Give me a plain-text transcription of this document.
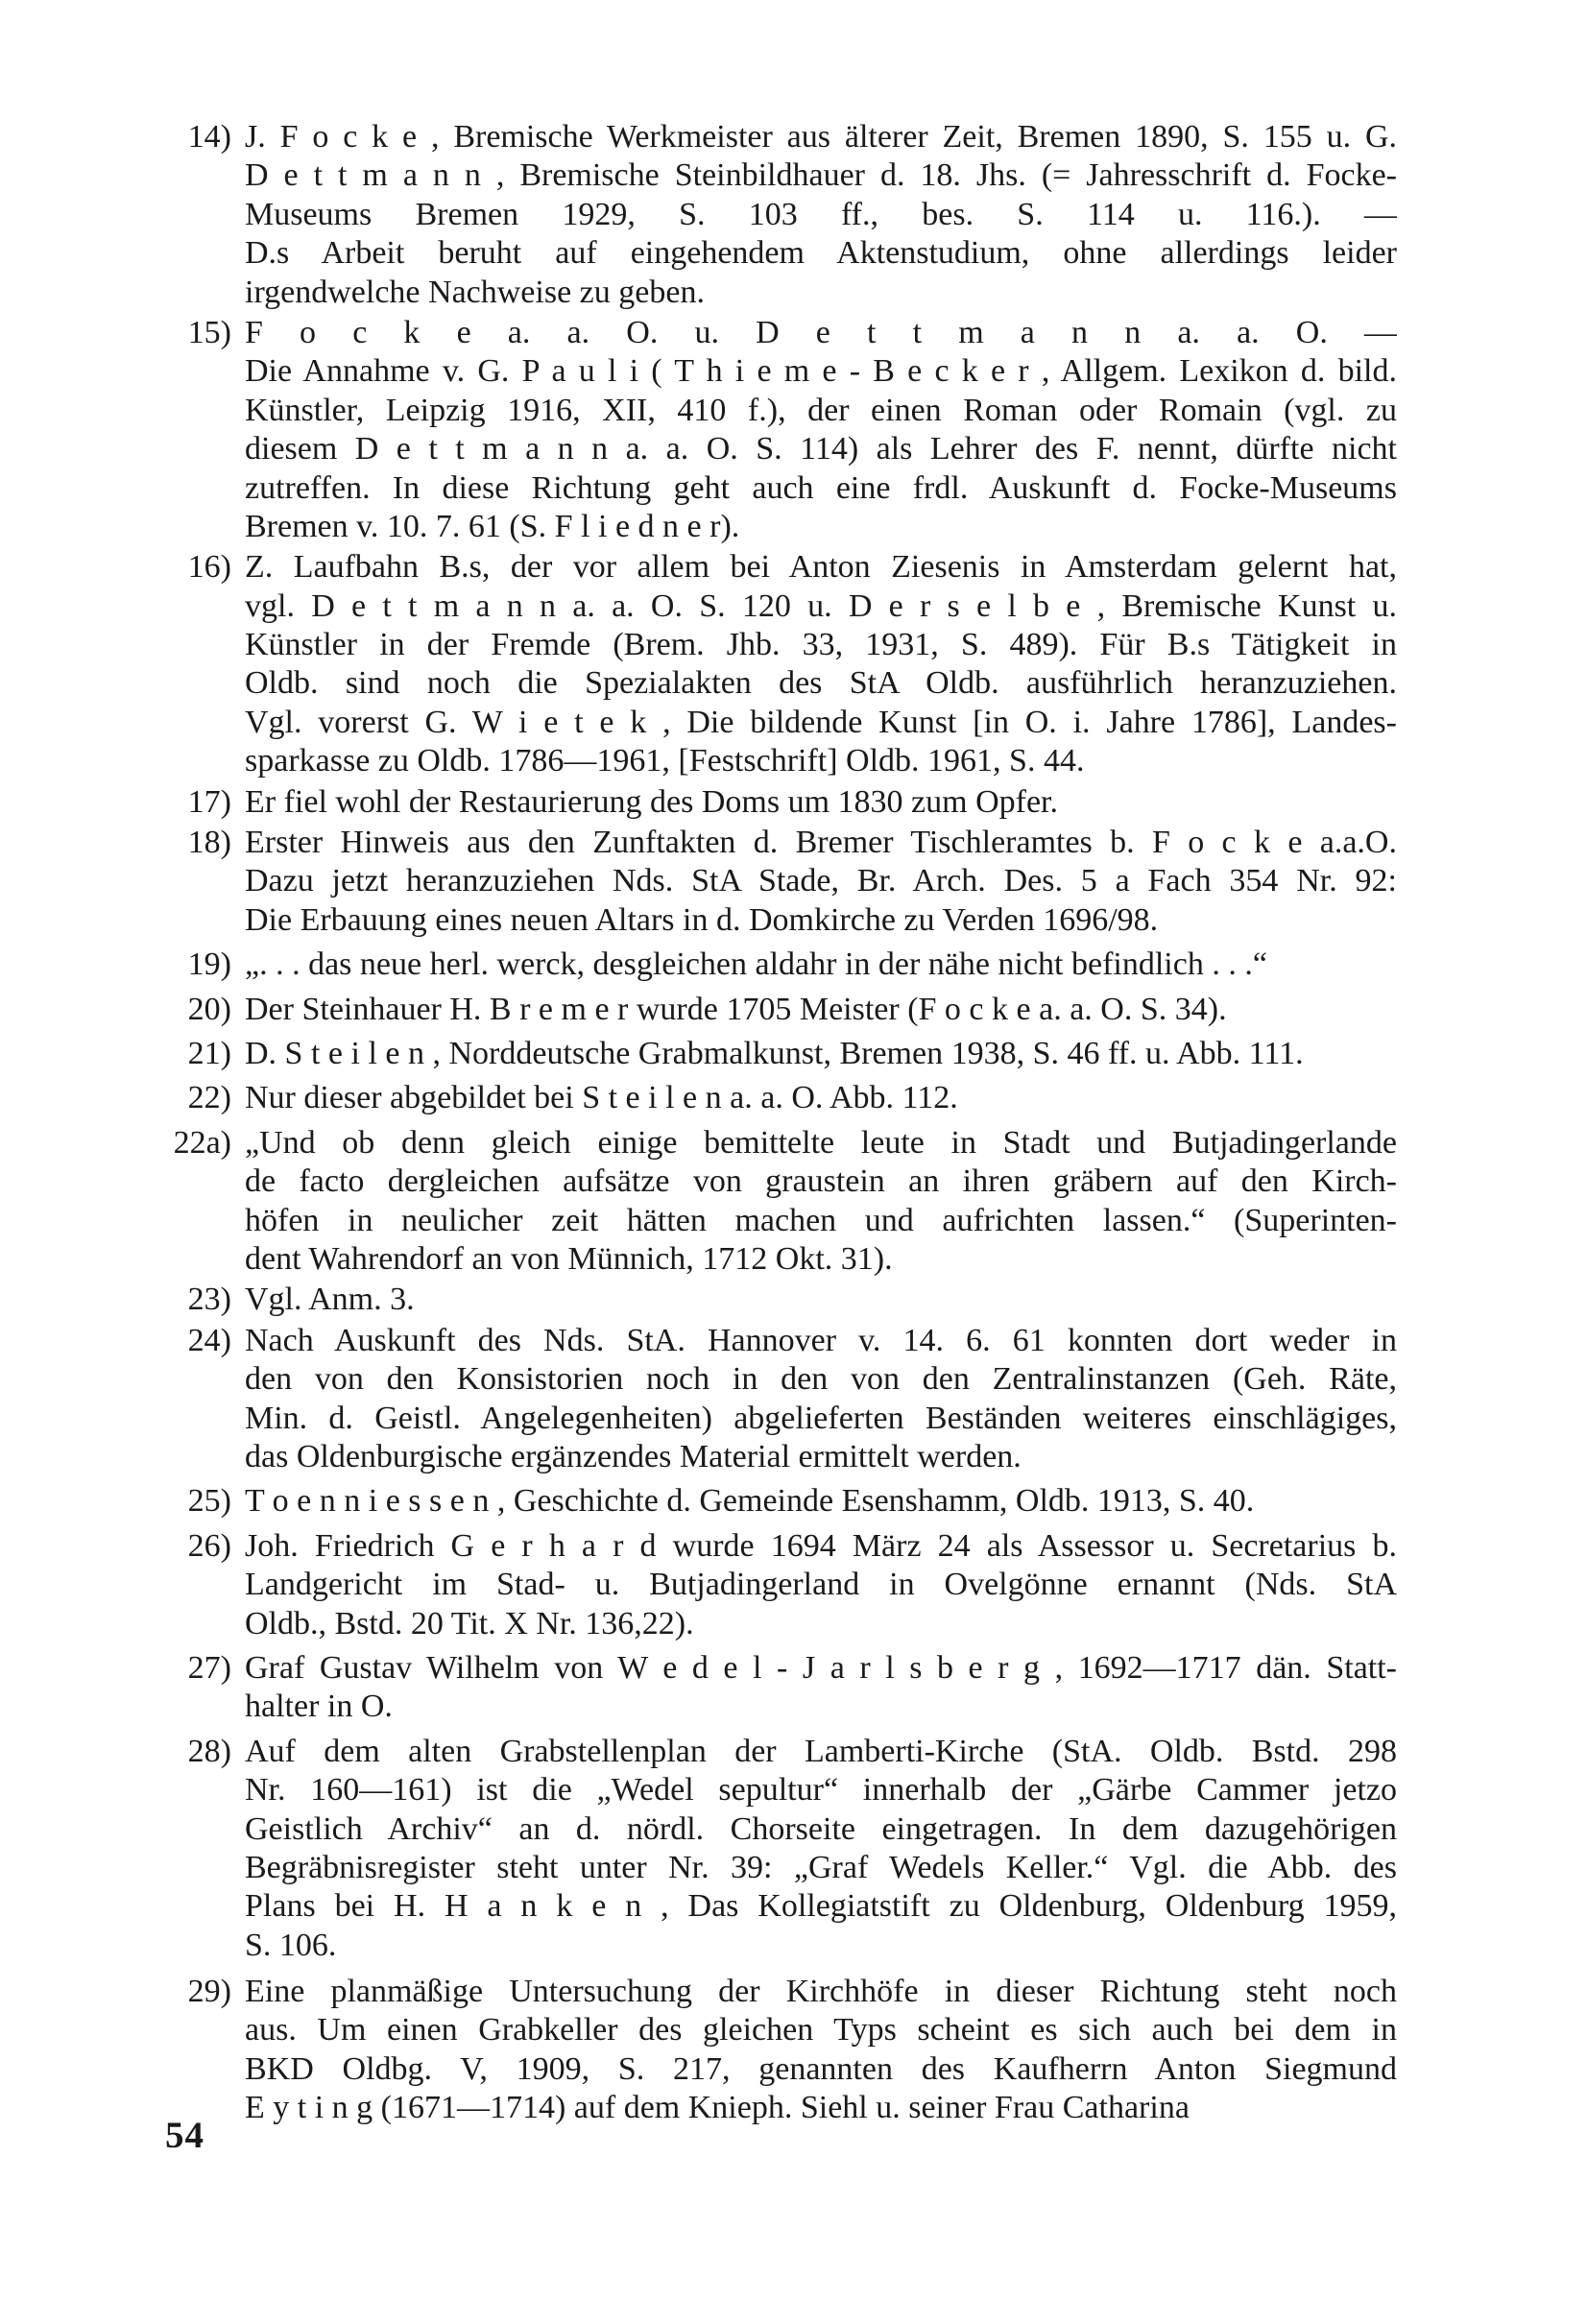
14) J. F o c k e , Bremische Werkmeister aus älterer Zeit, Bremen 1890, S. 155 u. G.
D e t t m a n n , Bremische Steinbildhauer d. 18. Jhs. (= Jahresschrift d. Focke-
Museums Bremen 1929, S. 103 ff., bes. S. 114 u. 116.). —
D.s Arbeit beruht auf eingehendem Aktenstudium, ohne allerdings leider
irgendwelche Nachweise zu geben.
15) F o c k e a. a. O. u. D e t t m a n n a. a. O. —
Die Annahme v. G. P a u l i ( T h i e m e - B e c k e r , Allgem. Lexikon d. bild.
Künstler, Leipzig 1916, XII, 410 f.), der einen Roman oder Romain (vgl. zu
diesem D e t t m a n n a. a. O. S. 114) als Lehrer des F. nennt, dürfte nicht
zutreffen. In diese Richtung geht auch eine frdl. Auskunft d. Focke-Museums
Bremen v. 10. 7. 61 (S. F l i e d n e r).
16) Z. Laufbahn B.s, der vor allem bei Anton Ziesenis in Amsterdam gelernt hat,
vgl. D e t t m a n n a. a. O. S. 120 u. D e r s e l b e , Bremische Kunst u.
Künstler in der Fremde (Brem. Jhb. 33, 1931, S. 489). Für B.s Tätigkeit in
Oldb. sind noch die Spezialakten des StA Oldb. ausführlich heranzuziehen.
Vgl. vorerst G. W i e t e k , Die bildende Kunst [in O. i. Jahre 1786], Landes-
sparkasse zu Oldb. 1786—1961, [Festschrift] Oldb. 1961, S. 44.
17) Er fiel wohl der Restaurierung des Doms um 1830 zum Opfer.
18) Erster Hinweis aus den Zunftakten d. Bremer Tischleramtes b. F o c k e a.a.O.
Dazu jetzt heranzuziehen Nds. StA Stade, Br. Arch. Des. 5 a Fach 354 Nr. 92:
Die Erbauung eines neuen Altars in d. Domkirche zu Verden 1696/98.
19) „. . . das neue herl. werck, desgleichen aldahr in der nähe nicht befindlich . . .“
20) Der Steinhauer H. B r e m e r wurde 1705 Meister (F o c k e a. a. O. S. 34).
21) D. S t e i l e n , Norddeutsche Grabmalkunst, Bremen 1938, S. 46 ff. u. Abb. 111.
22) Nur dieser abgebildet bei S t e i l e n a. a. O. Abb. 112.
22a) „Und ob denn gleich einige bemittelte leute in Stadt und Butjadingerlande
de facto dergleichen aufsätze von graustein an ihren gräbern auf den Kirch-
höfen in neulicher zeit hätten machen und aufrichten lassen.“ (Superinten-
dent Wahrendorf an von Münnich, 1712 Okt. 31).
23) Vgl. Anm. 3.
24) Nach Auskunft des Nds. StA. Hannover v. 14. 6. 61 konnten dort weder in
den von den Konsistorien noch in den von den Zentralinstanzen (Geh. Räte,
Min. d. Geistl. Angelegenheiten) abgelieferten Beständen weiteres einschlägiges,
das Oldenburgische ergänzendes Material ermittelt werden.
25) T o e n n i e s s e n , Geschichte d. Gemeinde Esenshamm, Oldb. 1913, S. 40.
26) Joh. Friedrich G e r h a r d wurde 1694 März 24 als Assessor u. Secretarius b.
Landgericht im Stad- u. Butjadingerland in Ovelgönne ernannt (Nds. StA
Oldb., Bstd. 20 Tit. X Nr. 136,22).
27) Graf Gustav Wilhelm von W e d e l - J a r l s b e r g , 1692—1717 dän. Statt-
halter in O.
28) Auf dem alten Grabstellenplan der Lamberti-Kirche (StA. Oldb. Bstd. 298
Nr. 160—161) ist die „Wedel sepultur“ innerhalb der „Gärbe Cammer jetzo
Geistlich Archiv“ an d. nördl. Chorseite eingetragen. In dem dazugehörigen
Begräbnisregister steht unter Nr. 39: „Graf Wedels Keller.“ Vgl. die Abb. des
Plans bei H. H a n k e n , Das Kollegiatstift zu Oldenburg, Oldenburg 1959,
S. 106.
29) Eine planmäßige Untersuchung der Kirchhöfe in dieser Richtung steht noch
aus. Um einen Grabkeller des gleichen Typs scheint es sich auch bei dem in
BKD Oldbg. V, 1909, S. 217, genannten des Kaufherrn Anton Siegmund
E y t i n g (1671—1714) auf dem Knieph. Siehl u. seiner Frau Catharina
54
